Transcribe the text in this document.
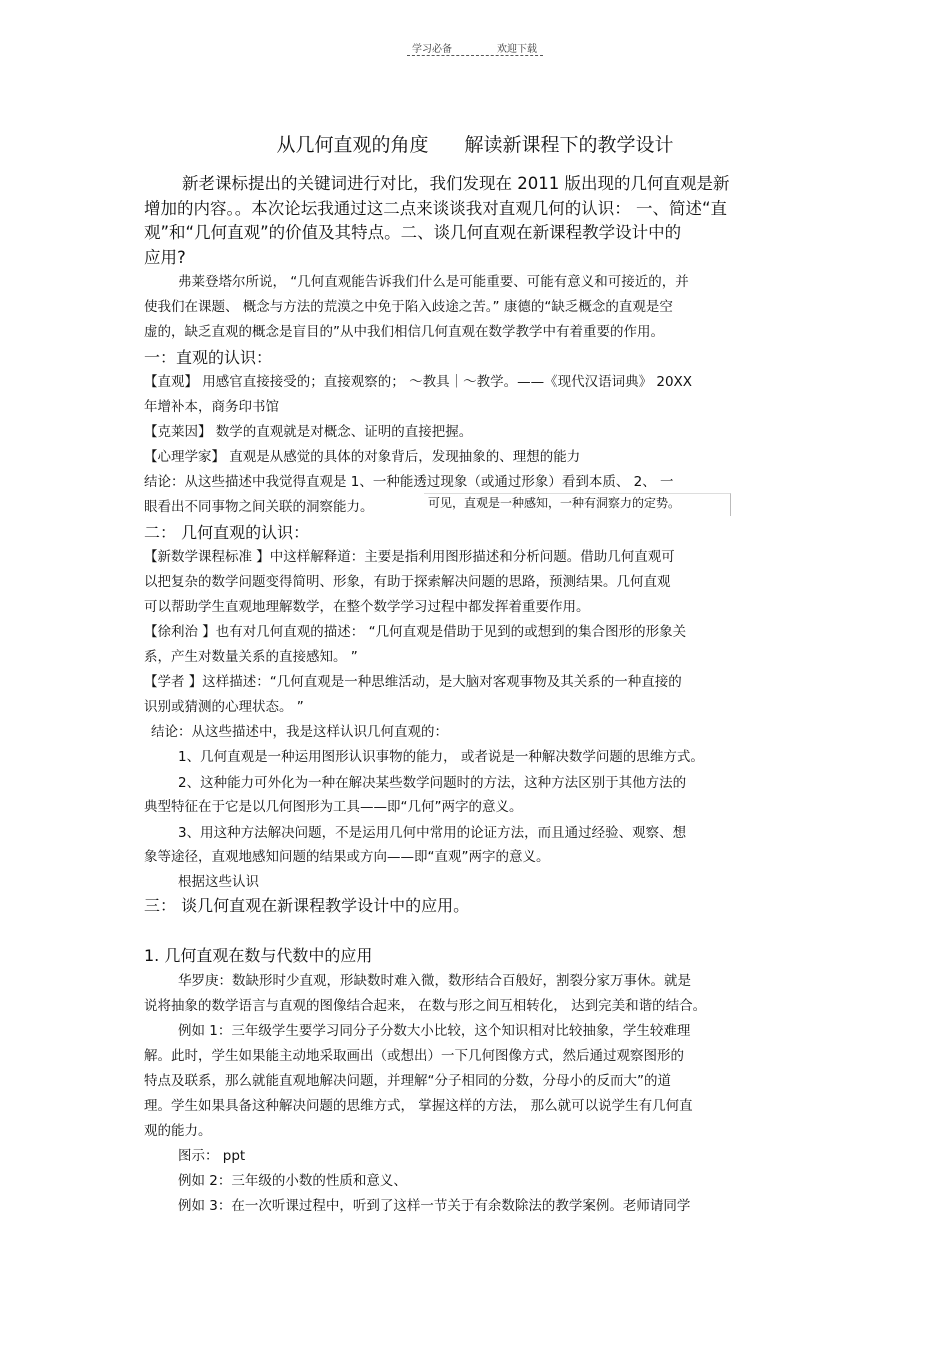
学习必备	欢迎下载
从几何直观的角度 解读新课程下的教学设计
新老课标提出的关键词进行对比，我们发现在 2011 版出现的几何直观是新
增加的内容。。本次论坛我通过这二点来谈谈我对直观几何的认识： 一、简述“直
观”和“几何直观”的价值及其特点。二、谈几何直观在新课程教学设计中的
应用?
弗莱登塔尔所说， “几何直观能告诉我们什么是可能重要、可能有意义和可接近的，并
使我们在课题、 概念与方法的荒漠之中免于陷入歧途之苦。” 康德的“缺乏概念的直观是空
虚的，缺乏直观的概念是盲目的”从中我们相信几何直观在数学教学中有着重要的作用。
一：直观的认识：
【直观】 用感官直接接受的；直接观察的； ～教具｜～教学。——《现代汉语词典》 20XX
年增补本，商务印书馆
【克莱因】 数学的直观就是对概念、证明的直接把握。
【心理学家】 直观是从感觉的具体的对象背后，发现抽象的、理想的能力
结论：从这些描述中我觉得直观是 1、一种能透过现象（或通过形象）看到本质、 2、 一
眼看出不同事物之间关联的洞察能力。
二： 几何直观的认识：
【新数学课程标准 】中这样解释道：主要是指利用图形描述和分析问题。借助几何直观可
以把复杂的数学问题变得简明、形象，有助于探索解决问题的思路，预测结果。几何直观
可以帮助学生直观地理解数学，在整个数学学习过程中都发挥着重要作用。
【徐利治 】也有对几何直观的描述： “几何直观是借助于见到的或想到的集合图形的形象关
系，产生对数量关系的直接感知。 ”
【学者 】这样描述：“几何直观是一种思维活动，是大脑对客观事物及其关系的一种直接的
识别或猜测的心理状态。 ”
结论：从这些描述中，我是这样认识几何直观的：
1、几何直观是一种运用图形认识事物的能力， 或者说是一种解决数学问题的思维方式。
2、这种能力可外化为一种在解决某些数学问题时的方法，这种方法区别于其他方法的
典型特征在于它是以几何图形为工具——即“几何”两字的意义。
3、用这种方法解决问题，不是运用几何中常用的论证方法，而且通过经验、观察、想
象等途径，直观地感知问题的结果或方向——即“直观”两字的意义。
根据这些认识
三： 谈几何直观在新课程教学设计中的应用。
1. 几何直观在数与代数中的应用
华罗庚：数缺形时少直观，形缺数时难入微，数形结合百般好，割裂分家万事休。就是
说将抽象的数学语言与直观的图像结合起来， 在数与形之间互相转化， 达到完美和谐的结合。
例如 1：三年级学生要学习同分子分数大小比较，这个知识相对比较抽象，学生较难理
解。此时，学生如果能主动地采取画出（或想出）一下几何图像方式，然后通过观察图形的
特点及联系，那么就能直观地解决问题，并理解“分子相同的分数，分母小的反而大”的道
理。学生如果具备这种解决问题的思维方式， 掌握这样的方法， 那么就可以说学生有几何直
观的能力。
图示： ppt
例如 2：三年级的小数的性质和意义、
例如 3：在一次听课过程中，听到了这样一节关于有余数除法的教学案例。老师请同学
可见，直观是一种感知，一种有洞察力的定势。
